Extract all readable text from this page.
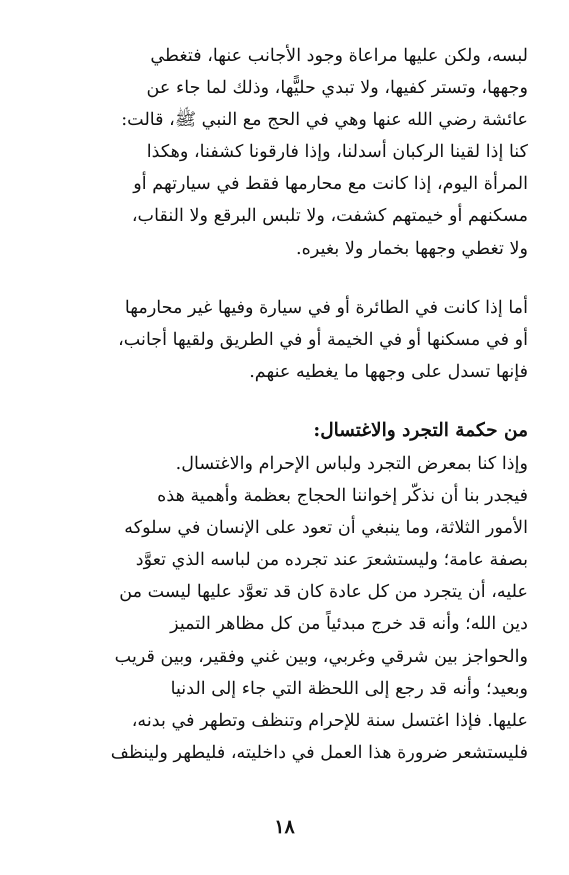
لبسه، ولكن عليها مراعاة وجود الأجانب عنها، فتغطي
وجهها، وتستر كفيها، ولا تبدي حليًّها، وذلك لما جاء عن
عائشة رضي الله عنها وهي في الحج مع النبي ﷺ، قالت:
كنا إذا لقينا الركبان أسدلنا، وإذا فارقونا كشفنا، وهكذا
المرأة اليوم، إذا كانت مع محارمها فقط في سيارتهم أو
مسكنهم أو خيمتهم كشفت، ولا تلبس البرقع ولا النقاب،
ولا تغطي وجهها بخمار ولا بغيره.
أما إذا كانت في الطائرة أو في سيارة وفيها غير محارمها
أو في مسكنها أو في الخيمة أو في الطريق ولقيها أجانب،
فإنها تسدل على وجهها ما يغطيه عنهم.
من حكمة التجرد والاغتسال:
وإذا كنا بمعرض التجرد ولباس الإحرام والاغتسال.
فيجدر بنا أن نذكّر إخواننا الحجاج بعظمة وأهمية هذه
الأمور الثلاثة، وما ينبغي أن تعود على الإنسان في سلوكه
بصفة عامة؛ وليستشعرَ عند تجرده من لباسه الذي تعوَّد
عليه، أن يتجرد من كل عادة كان قد تعوَّد عليها ليست من
دين الله؛ وأنه قد خرج مبدئياً من كل مظاهر التميز
والحواجز بين شرقي وغربي، وبين غني وفقير، وبين قريب
وبعيد؛ وأنه قد رجع إلى اللحظة التي جاء إلى الدنيا
عليها. فإذا اغتسل سنة للإحرام وتنظف وتطهر في بدنه،
فليستشعر ضرورة هذا العمل في داخليته، فليطهر ولينظف
١٨
